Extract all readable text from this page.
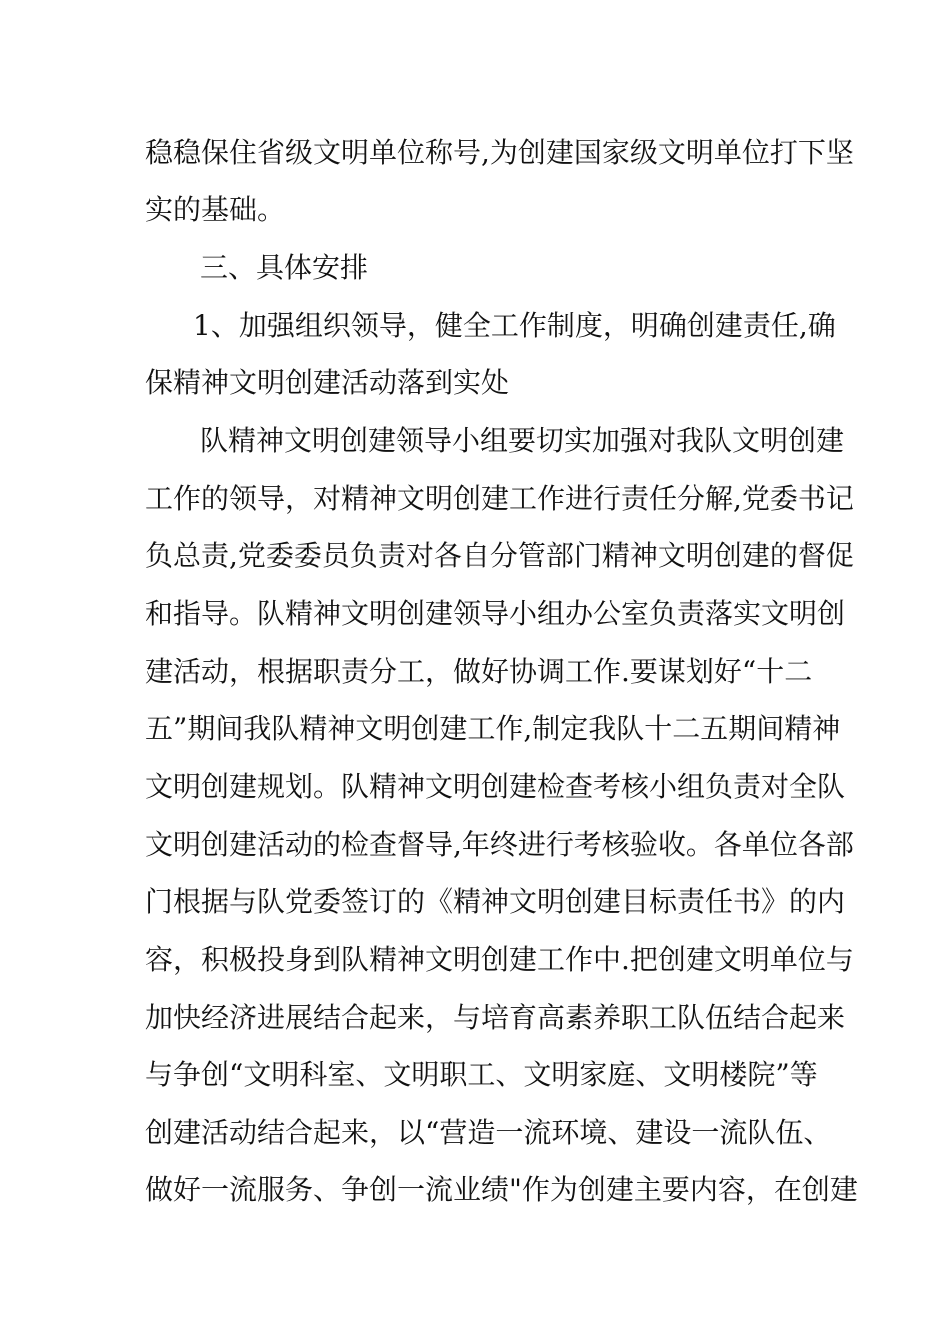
稳稳保住省级文明单位称号,为创建国家级文明单位打下坚

实的基础。

三、具体安排

1、加强组织领导，健全工作制度，明确创建责任,确

保精神文明创建活动落到实处

队精神文明创建领导小组要切实加强对我队文明创建

工作的领导，对精神文明创建工作进行责任分解,党委书记

负总责,党委委员负责对各自分管部门精神文明创建的督促

和指导。队精神文明创建领导小组办公室负责落实文明创

建活动，根据职责分工，做好协调工作.要谋划好“十二

五”期间我队精神文明创建工作,制定我队十二五期间精神

文明创建规划。队精神文明创建检查考核小组负责对全队

文明创建活动的检查督导,年终进行考核验收。各单位各部

门根据与队党委签订的《精神文明创建目标责任书》的内

容，积极投身到队精神文明创建工作中.把创建文明单位与

加快经济进展结合起来，与培育高素养职工队伍结合起来

与争创“文明科室、文明职工、文明家庭、文明楼院”等

创建活动结合起来，以“营造一流环境、建设一流队伍、

做好一流服务、争创一流业绩"作为创建主要内容，在创建
